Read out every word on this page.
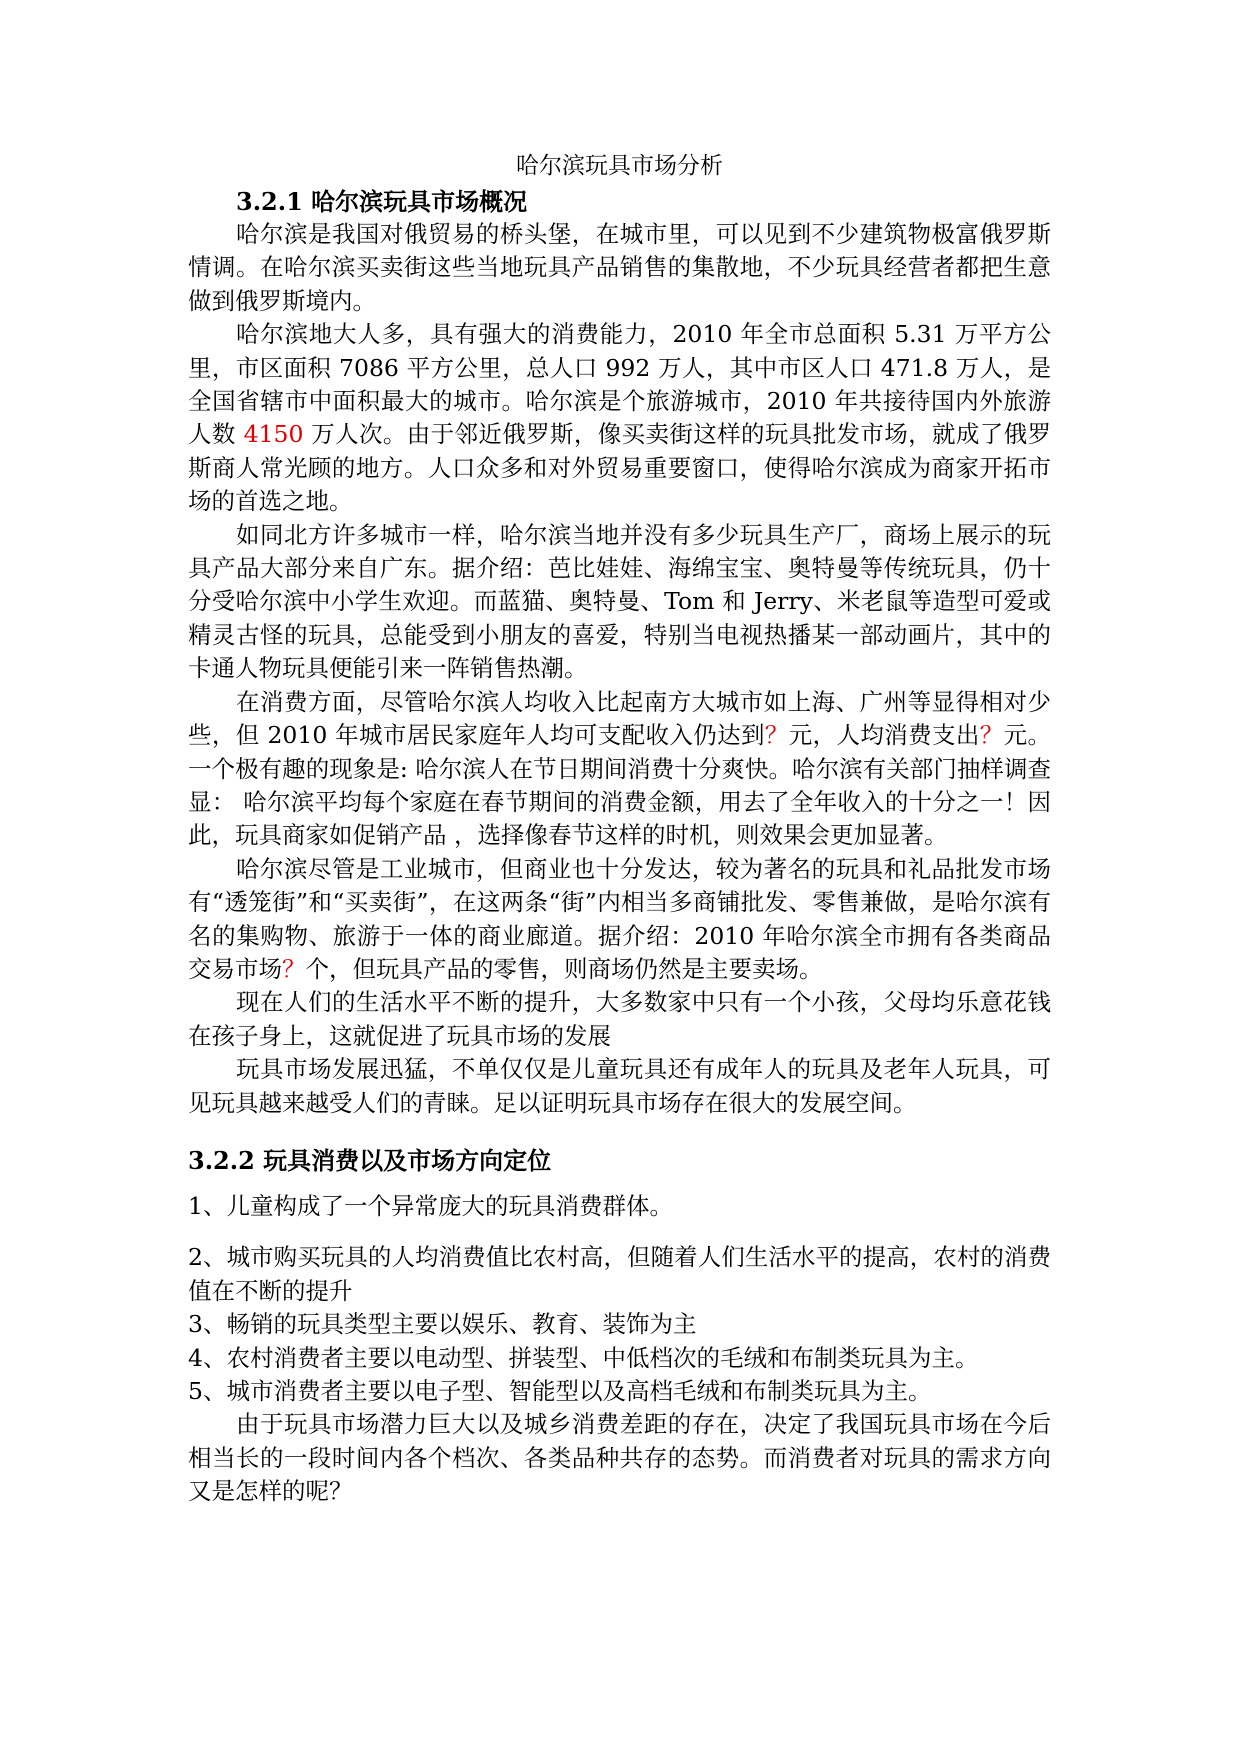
哈尔滨玩具市场分析
3.2.1 哈尔滨玩具市场概况

哈尔滨是我国对俄贸易的桥头堡，在城市里，可以见到不少建筑物极富俄罗斯情调。在哈尔滨买卖街这些当地玩具产品销售的集散地，不少玩具经营者都把生意做到俄罗斯境内。

哈尔滨地大人多，具有强大的消费能力，2010 年全市总面积 5.31 万平方公里，市区面积 7086 平方公里，总人口 992 万人，其中市区人口 471.8 万人，是全国省辖市中面积最大的城市。哈尔滨是个旅游城市，2010 年共接待国内外旅游人数 4150 万人次。由于邻近俄罗斯，像买卖街这样的玩具批发市场，就成了俄罗斯商人常光顾的地方。人口众多和对外贸易重要窗口，使得哈尔滨成为商家开拓市场的首选之地。

如同北方许多城市一样，哈尔滨当地并没有多少玩具生产厂，商场上展示的玩具产品大部分来自广东。据介绍：芭比娃娃、海绵宝宝、奥特曼等传统玩具，仍十分受哈尔滨中小学生欢迎。而蓝猫、奥特曼、Tom 和 Jerry、米老鼠等造型可爱或精灵古怪的玩具，总能受到小朋友的喜爱，特别当电视热播某一部动画片，其中的卡通人物玩具便能引来一阵销售热潮。

在消费方面，尽管哈尔滨人均收入比起南方大城市如上海、广州等显得相对少些，但 2010 年城市居民家庭年人均可支配收入仍达到？元，人均消费支出？元。一个极有趣的现象是: 哈尔滨人在节日期间消费十分爽快。哈尔滨有关部门抽样调查显： 哈尔滨平均每个家庭在春节期间的消费金额，用去了全年收入的十分之一！因此，玩具商家如促销产品 ，选择像春节这样的时机，则效果会更加显著。

哈尔滨尽管是工业城市，但商业也十分发达，较为著名的玩具和礼品批发市场有“透笼街”和“买卖街”，在这两条“街”内相当多商铺批发、零售兼做，是哈尔滨有名的集购物、旅游于一体的商业廊道。据介绍：2010 年哈尔滨全市拥有各类商品交易市场？个，但玩具产品的零售，则商场仍然是主要卖场。

现在人们的生活水平不断的提升，大多数家中只有一个小孩，父母均乐意花钱在孩子身上，这就促进了玩具市场的发展

玩具市场发展迅猛，不单仅仅是儿童玩具还有成年人的玩具及老年人玩具，可见玩具越来越受人们的青睐。足以证明玩具市场存在很大的发展空间。

3.2.2 玩具消费以及市场方向定位

1、儿童构成了一个异常庞大的玩具消费群体。

2、城市购买玩具的人均消费值比农村高，但随着人们生活水平的提高，农村的消费值在不断的提升

3、畅销的玩具类型主要以娱乐、教育、装饰为主

4、农村消费者主要以电动型、拼装型、中低档次的毛绒和布制类玩具为主。

5、城市消费者主要以电子型、智能型以及高档毛绒和布制类玩具为主。

由于玩具市场潜力巨大以及城乡消费差距的存在，决定了我国玩具市场在今后相当长的一段时间内各个档次、各类品种共存的态势。而消费者对玩具的需求方向又是怎样的呢？
